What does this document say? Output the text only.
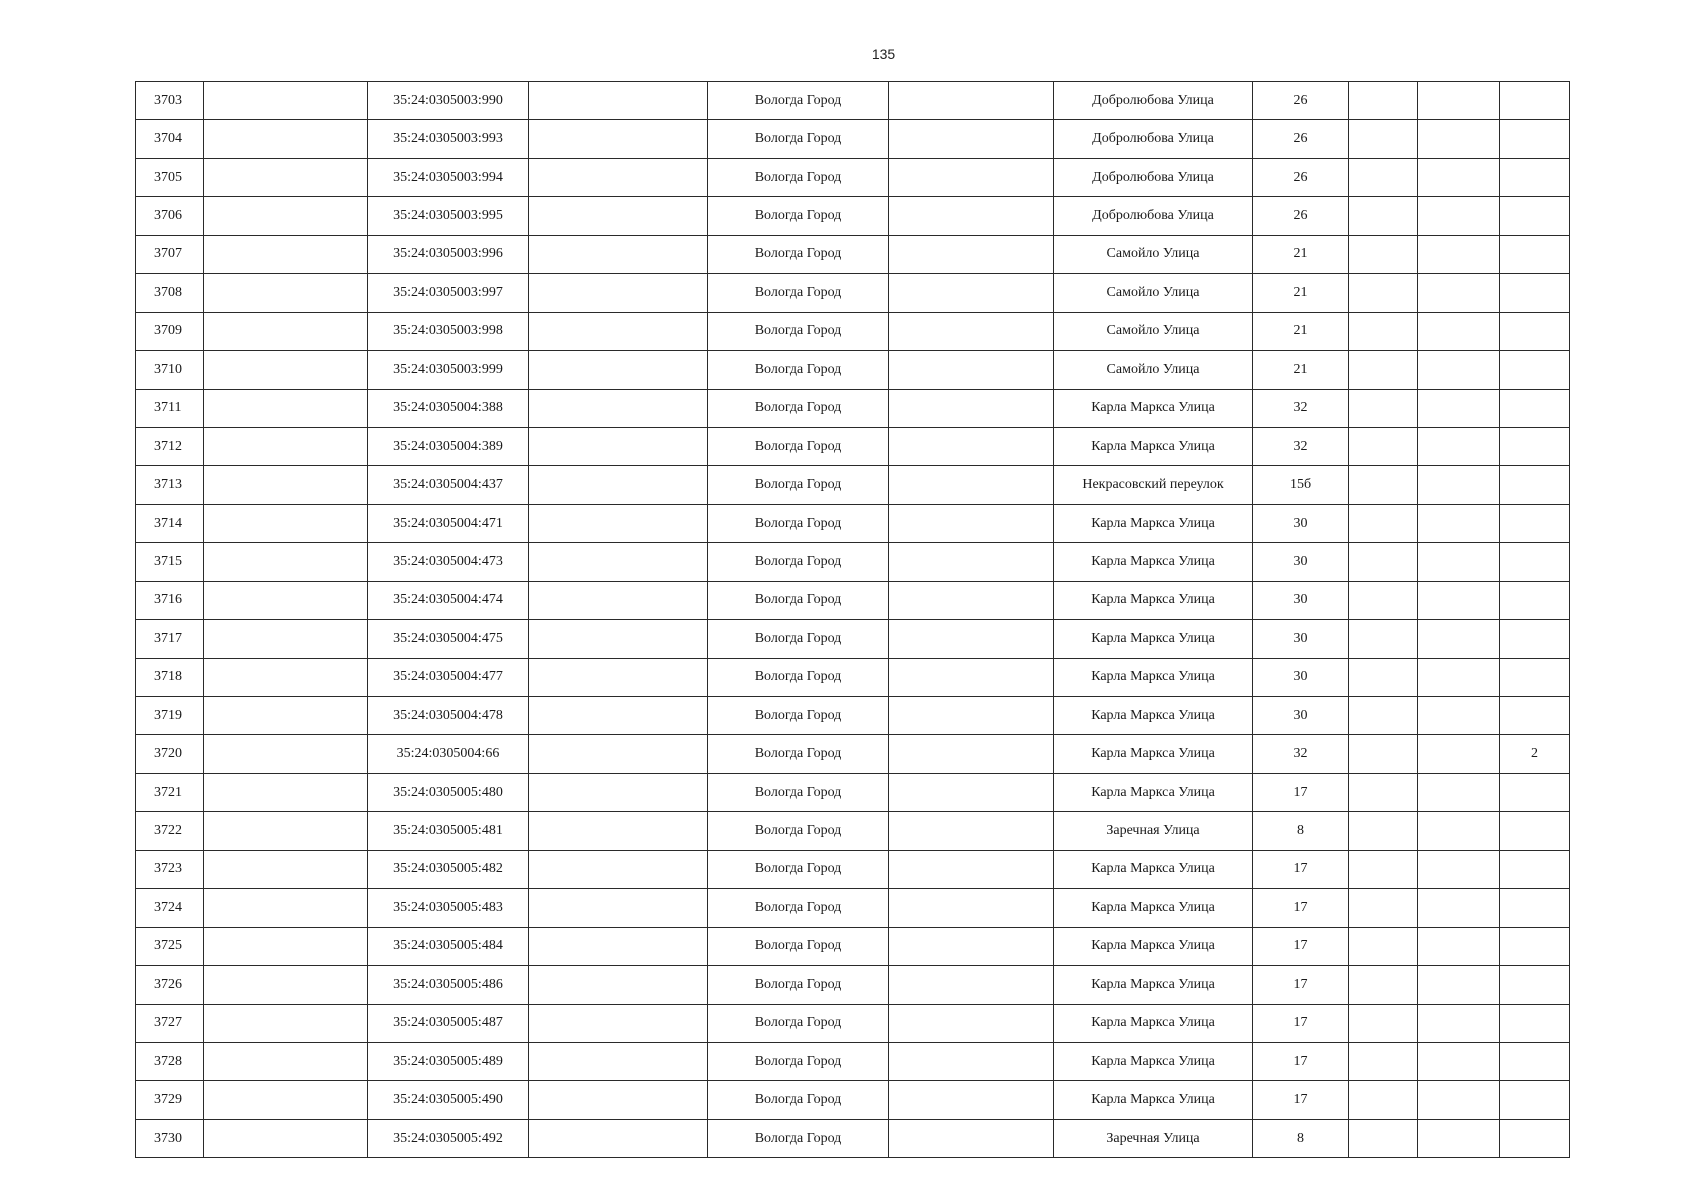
135
3703		35:24:0305003:990		Вологда Город		Добролюбова Улица	26			
3704		35:24:0305003:993		Вологда Город		Добролюбова Улица	26			
3705		35:24:0305003:994		Вологда Город		Добролюбова Улица	26			
3706		35:24:0305003:995		Вологда Город		Добролюбова Улица	26			
3707		35:24:0305003:996		Вологда Город		Самойло Улица	21			
3708		35:24:0305003:997		Вологда Город		Самойло Улица	21			
3709		35:24:0305003:998		Вологда Город		Самойло Улица	21			
3710		35:24:0305003:999		Вологда Город		Самойло Улица	21			
3711		35:24:0305004:388		Вологда Город		Карла Маркса Улица	32			
3712		35:24:0305004:389		Вологда Город		Карла Маркса Улица	32			
3713		35:24:0305004:437		Вологда Город		Некрасовский переулок	15б			
3714		35:24:0305004:471		Вологда Город		Карла Маркса Улица	30			
3715		35:24:0305004:473		Вологда Город		Карла Маркса Улица	30			
3716		35:24:0305004:474		Вологда Город		Карла Маркса Улица	30			
3717		35:24:0305004:475		Вологда Город		Карла Маркса Улица	30			
3718		35:24:0305004:477		Вологда Город		Карла Маркса Улица	30			
3719		35:24:0305004:478		Вологда Город		Карла Маркса Улица	30			
3720		35:24:0305004:66		Вологда Город		Карла Маркса Улица	32			2
3721		35:24:0305005:480		Вологда Город		Карла Маркса Улица	17			
3722		35:24:0305005:481		Вологда Город		Заречная Улица	8			
3723		35:24:0305005:482		Вологда Город		Карла Маркса Улица	17			
3724		35:24:0305005:483		Вологда Город		Карла Маркса Улица	17			
3725		35:24:0305005:484		Вологда Город		Карла Маркса Улица	17			
3726		35:24:0305005:486		Вологда Город		Карла Маркса Улица	17			
3727		35:24:0305005:487		Вологда Город		Карла Маркса Улица	17			
3728		35:24:0305005:489		Вологда Город		Карла Маркса Улица	17			
3729		35:24:0305005:490		Вологда Город		Карла Маркса Улица	17			
3730		35:24:0305005:492		Вологда Город		Заречная Улица	8			
